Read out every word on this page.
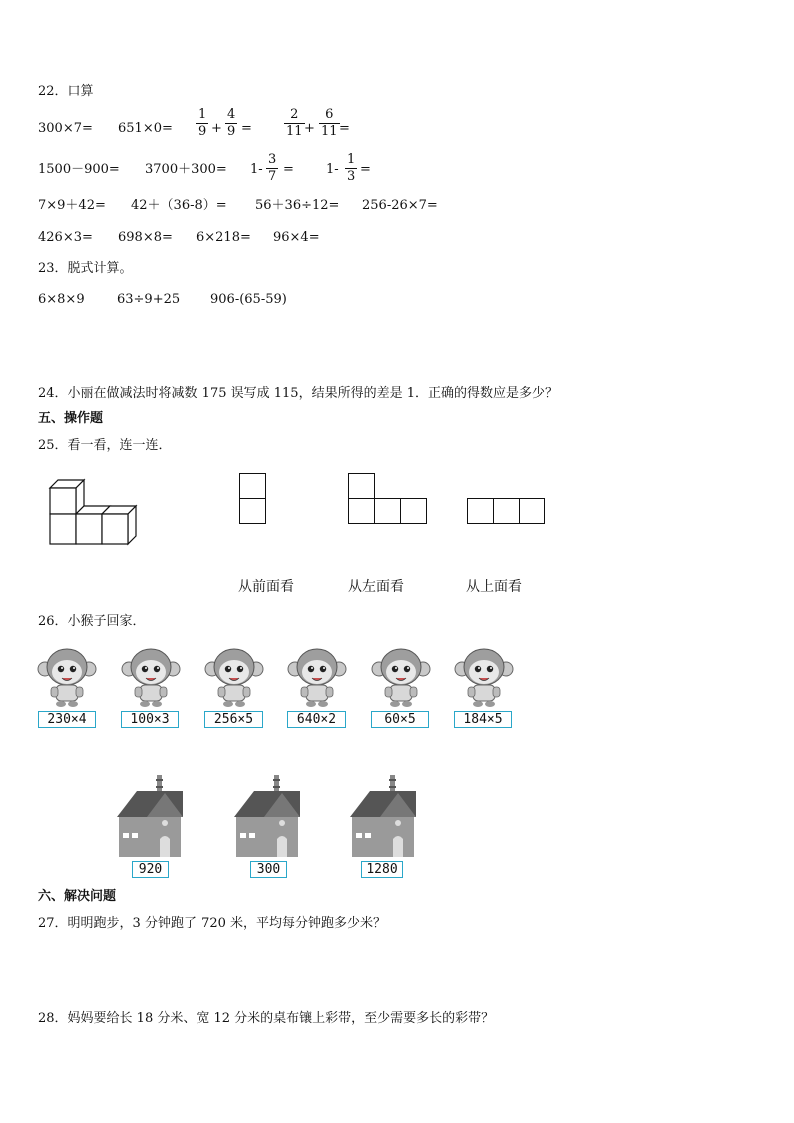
22．口算
$300\times 7= 651\times 0= \frac{1}{9} + \frac{4}{9} = \frac{2}{11} + \frac{6}{11}$ =
$1500-900= 3700+300= 1- \frac{3}{7} = 1- \frac{1}{3}$ =
7×9＋42= 42＋（36-8）= 56＋36÷12= 256-26×7=
426×3= 698×8= 6×218= 96×4=
23．脱式计算。
6×8×9 63÷9+25 906-(65-59)
24．小丽在做减法时将减数 175 误写成 115，结果所得的差是 1．正确的得数应是多少？
五、操作题
25．看一看，连一连．
从前面看	从左面看	从上面看
26．小猴子回家．
230×4	100×3	256×5	640×2	60×5	184×5
920	300	1280
六、解决问题
27．明明跑步，3 分钟跑了 720 米，平均每分钟跑多少米？
28．妈妈要给长 18 分米、宽 12 分米的桌布镶上彩带，至少需要多长的彩带？
